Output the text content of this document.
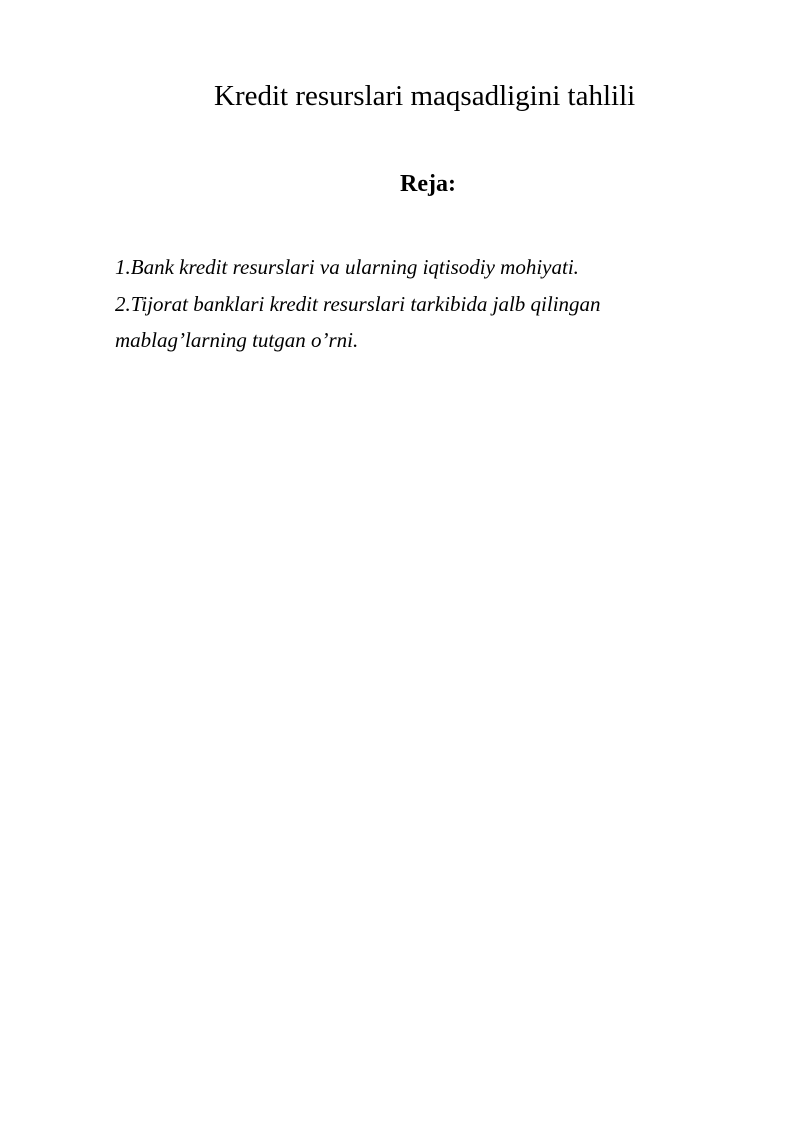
Kredit resurslari maqsadligini tahlili
Reja:
1.Bank kredit resurslari va ularning iqtisodiy mohiyati.
2.Tijorat banklari kredit resurslari tarkibida jalb qilingan
mablag’larning tutgan o’rni.
